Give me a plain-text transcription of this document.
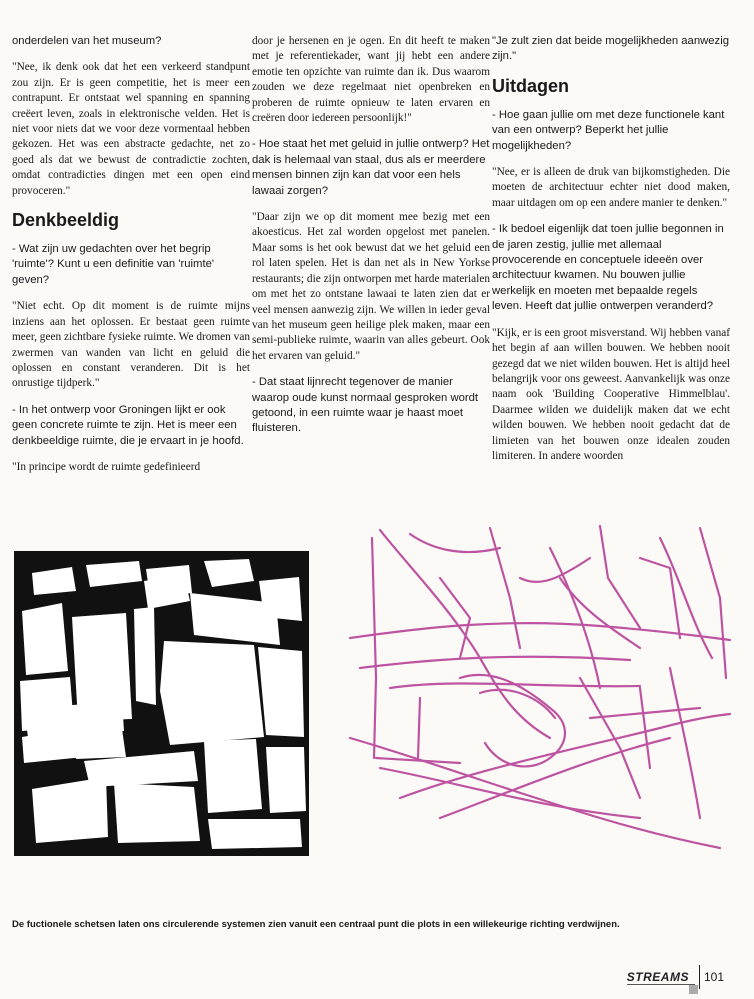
onderdelen van het museum?

"Nee, ik denk ook dat het een verkeerd standpunt zou zijn. Er is geen competitie, het is meer een contrapunt. Er ontstaat wel spanning en spanning creëert leven, zoals in elektronische velden. Het is niet voor niets dat we voor deze vormentaal hebben gekozen. Het was een abstracte gedachte, net zo goed als dat we bewust de contradictie zochten, omdat contradicties dingen met een open eind provoceren."

Denkbeeldig

- Wat zijn uw gedachten over het begrip 'ruimte'? Kunt u een definitie van 'ruimte' geven?

"Niet echt. Op dit moment is de ruimte mijns inziens aan het oplossen. Er bestaat geen ruimte meer, geen zichtbare fysieke ruimte. We dromen van zwermen van wanden van licht en geluid die oplossen en constant veranderen. Dit is het onrustige tijdperk."

- In het ontwerp voor Groningen lijkt er ook geen concrete ruimte te zijn. Het is meer een denkbeeldige ruimte, die je ervaart in je hoofd.

"In principe wordt de ruimte gedefinieerd

door je hersenen en je ogen. En dit heeft te maken met je referentiekader, want jij hebt een andere emotie ten opzichte van ruimte dan ik. Dus waarom zouden we deze regelmaat niet openbreken en proberen de ruimte opnieuw te laten ervaren en creëren door iedereen persoonlijk!"

- Hoe staat het met geluid in jullie ontwerp? Het dak is helemaal van staal, dus als er meerdere mensen binnen zijn kan dat voor een hels lawaai zorgen?

"Daar zijn we op dit moment mee bezig met een akoesticus. Het zal worden opgelost met panelen. Maar soms is het ook bewust dat we het geluid een rol laten spelen. Het is dan net als in New Yorkse restaurants; die zijn ontworpen met harde materialen om met het zo ontstane lawaai te laten zien dat er veel mensen aanwezig zijn. We willen in ieder geval van het museum geen heilige plek maken, maar een semi-publieke ruimte, waarin van alles gebeurt. Ook het ervaren van geluid."

- Dat staat lijnrecht tegenover de manier waarop oude kunst normaal gesproken wordt getoond, in een ruimte waar je haast moet fluisteren.

"Je zult zien dat beide mogelijkheden aanwezig zijn."

Uitdagen

- Hoe gaan jullie om met deze functionele kant van een ontwerp? Beperkt het jullie mogelijkheden?

"Nee, er is alleen de druk van bijkomstigheden. Die moeten de architectuur echter niet dood maken, maar uitdagen om op een andere manier te denken."

- Ik bedoel eigenlijk dat toen jullie begonnen in de jaren zestig, jullie met allemaal provocerende en conceptuele ideeën over architectuur kwamen. Nu bouwen jullie werkelijk en moeten met bepaalde regels leven. Heeft dat jullie ontwerpen veranderd?

"Kijk, er is een groot misverstand. Wij hebben vanaf het begin af aan willen bouwen. We hebben nooit gezegd dat we niet wilden bouwen. Het is altijd heel belangrijk voor ons geweest. Aanvankelijk was onze naam ook 'Building Cooperative Himmelblau'. Daarmee wilden we duidelijk maken dat we echt wilden bouwen. We hebben nooit gedacht dat de limieten van het bouwen onze idealen zouden limiteren. In andere woorden

De fuctionele schetsen laten ons circulerende systemen zien vanuit een centraal punt die plots in een willekeurige richting verdwijnen.
STREAMS	101
